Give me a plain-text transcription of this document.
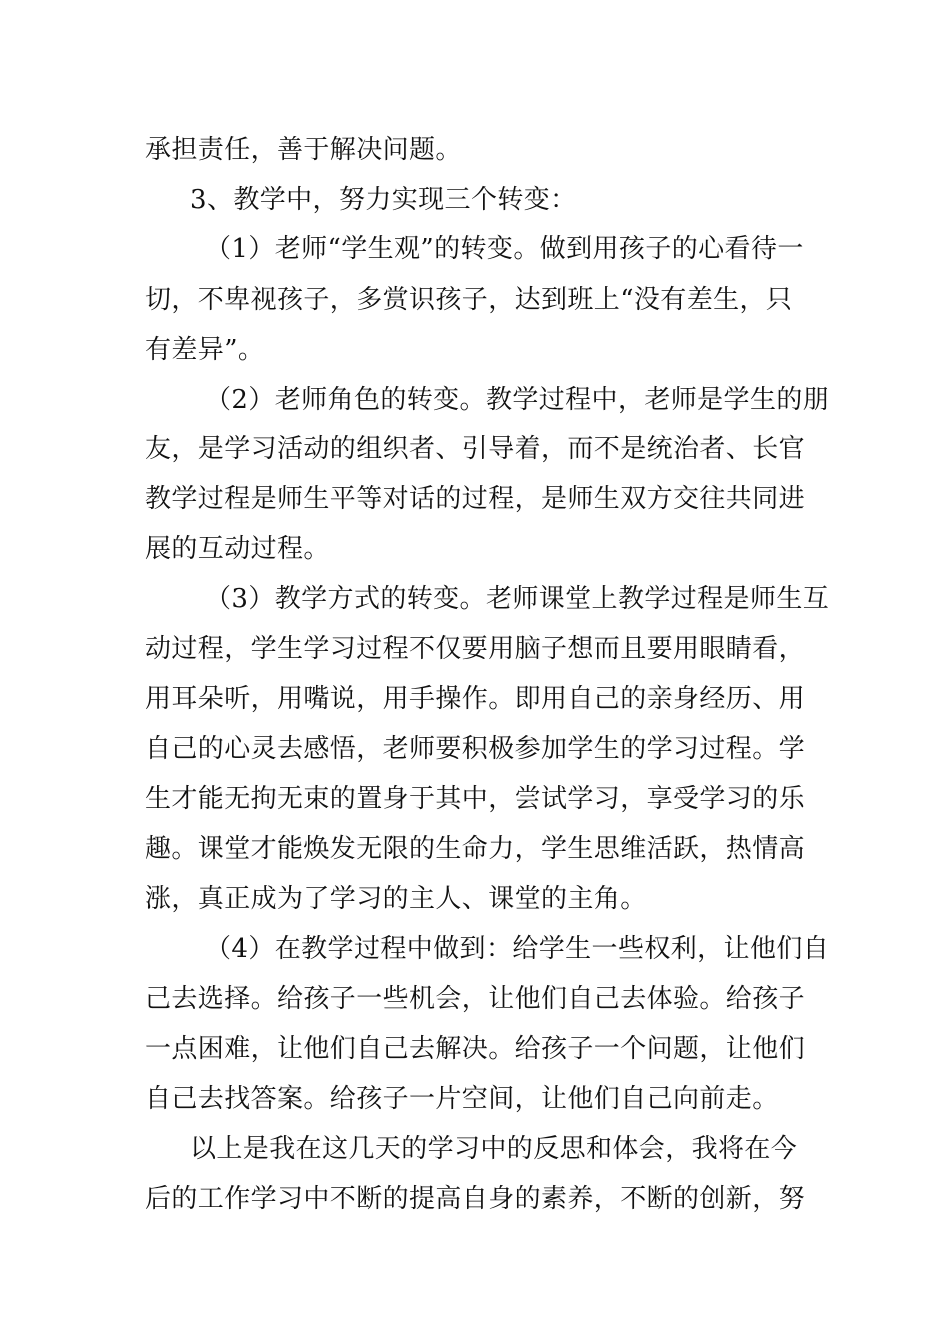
承担责任，善于解决问题。
3、教学中，努力实现三个转变：
（1）老师“学生观”的转变。做到用孩子的心看待一
切，不卑视孩子，多赏识孩子，达到班上“没有差生，只
有差异”。
（2）老师角色的转变。教学过程中，老师是学生的朋
友，是学习活动的组织者、引导着，而不是统治者、长官
教学过程是师生平等对话的过程，是师生双方交往共同进
展的互动过程。
（3）教学方式的转变。老师课堂上教学过程是师生互
动过程，学生学习过程不仅要用脑子想而且要用眼睛看，
用耳朵听，用嘴说，用手操作。即用自己的亲身经历、用
自己的心灵去感悟，老师要积极参加学生的学习过程。学
生才能无拘无束的置身于其中，尝试学习，享受学习的乐
趣。课堂才能焕发无限的生命力，学生思维活跃，热情高
涨，真正成为了学习的主人、课堂的主角。
（4）在教学过程中做到：给学生一些权利，让他们自
己去选择。给孩子一些机会，让他们自己去体验。给孩子
一点困难，让他们自己去解决。给孩子一个问题，让他们
自己去找答案。给孩子一片空间，让他们自己向前走。
以上是我在这几天的学习中的反思和体会，我将在今
后的工作学习中不断的提高自身的素养，不断的创新，努
